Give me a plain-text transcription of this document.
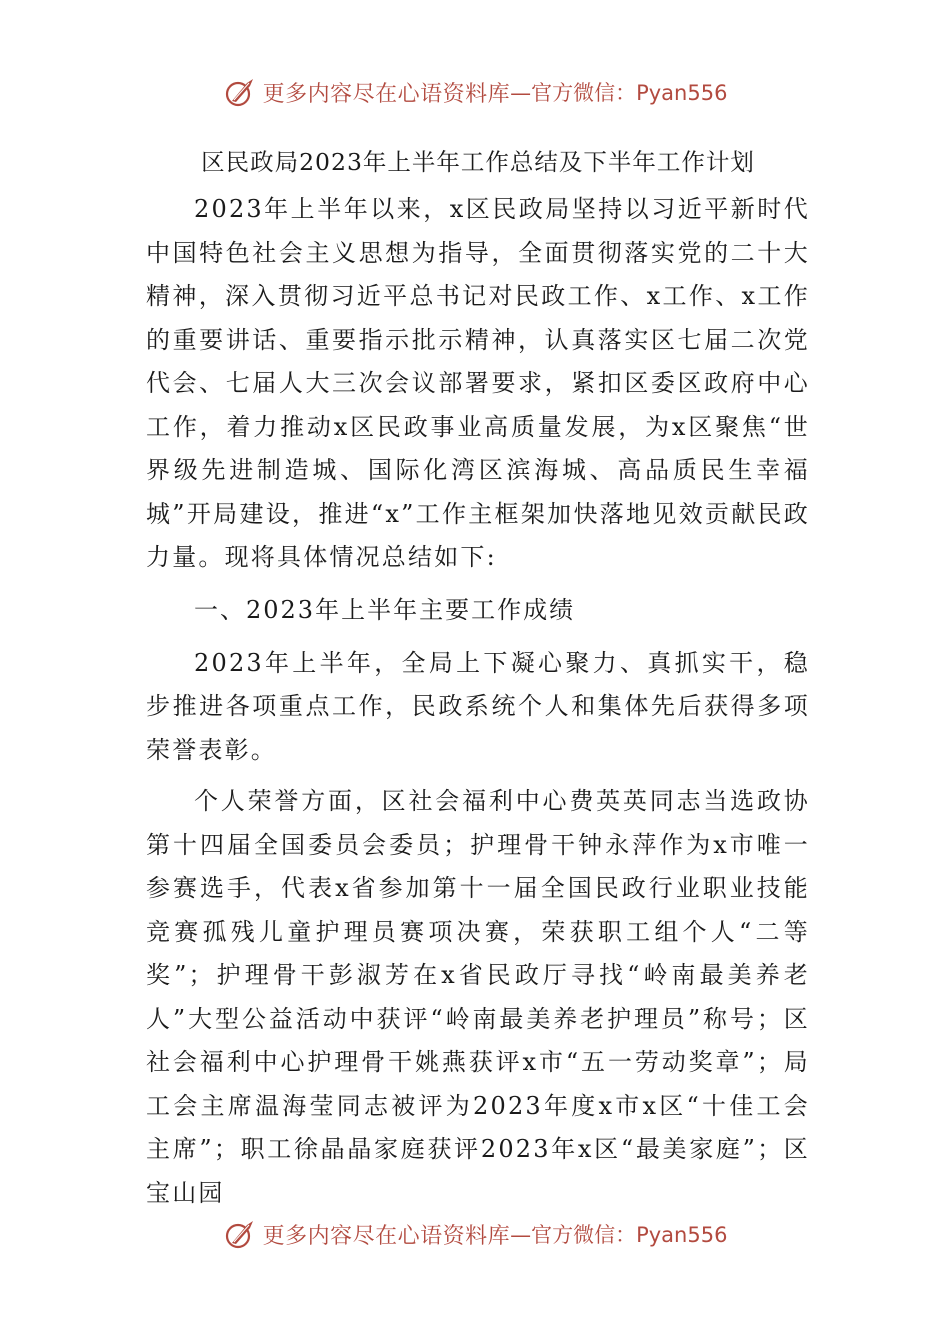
更多内容尽在心语资料库 —官方微信：Pyan556

区民政局2023年上半年工作总结及下半年工作计划

2023年上半年以来，x区民政局坚持以习近平新时代中国特色社会主义思想为指导，全面贯彻落实党的二十大精神，深入贯彻习近平总书记对民政工作、x工作、x工作的重要讲话、重要指示批示精神，认真落实区七届二次党代会、七届人大三次会议部署要求，紧扣区委区政府中心工作，着力推动x区民政事业高质量发展，为x区聚焦“世界级先进制造城、国际化湾区滨海城、高品质民生幸福城”开局建设，推进“x”工作主框架加快落地见效贡献民政力量。现将具体情况总结如下:

一、2023年上半年主要工作成绩

2023年上半年，全局上下凝心聚力、真抓实干，稳步推进各项重点工作，民政系统个人和集体先后获得多项荣誉表彰。

个人荣誉方面，区社会福利中心费英英同志当选政协第十四届全国委员会委员；护理骨干钟永萍作为x市唯一参赛选手，代表x省参加第十一届全国民政行业职业技能竞赛孤残儿童护理员赛项决赛，荣获职工组个人“二等奖”；护理骨干彭淑芳在x省民政厅寻找“岭南最美养老人”大型公益活动中获评“岭南最美养老护理员”称号；区社会福利中心护理骨干姚燕获评x市“五一劳动奖章”；局工会主席温海莹同志被评为2023年度x市x区“十佳工会主席”；职工徐晶晶家庭获评2023年x区“最美家庭”；区宝山园

更多内容尽在心语资料库 —官方微信：Pyan556
